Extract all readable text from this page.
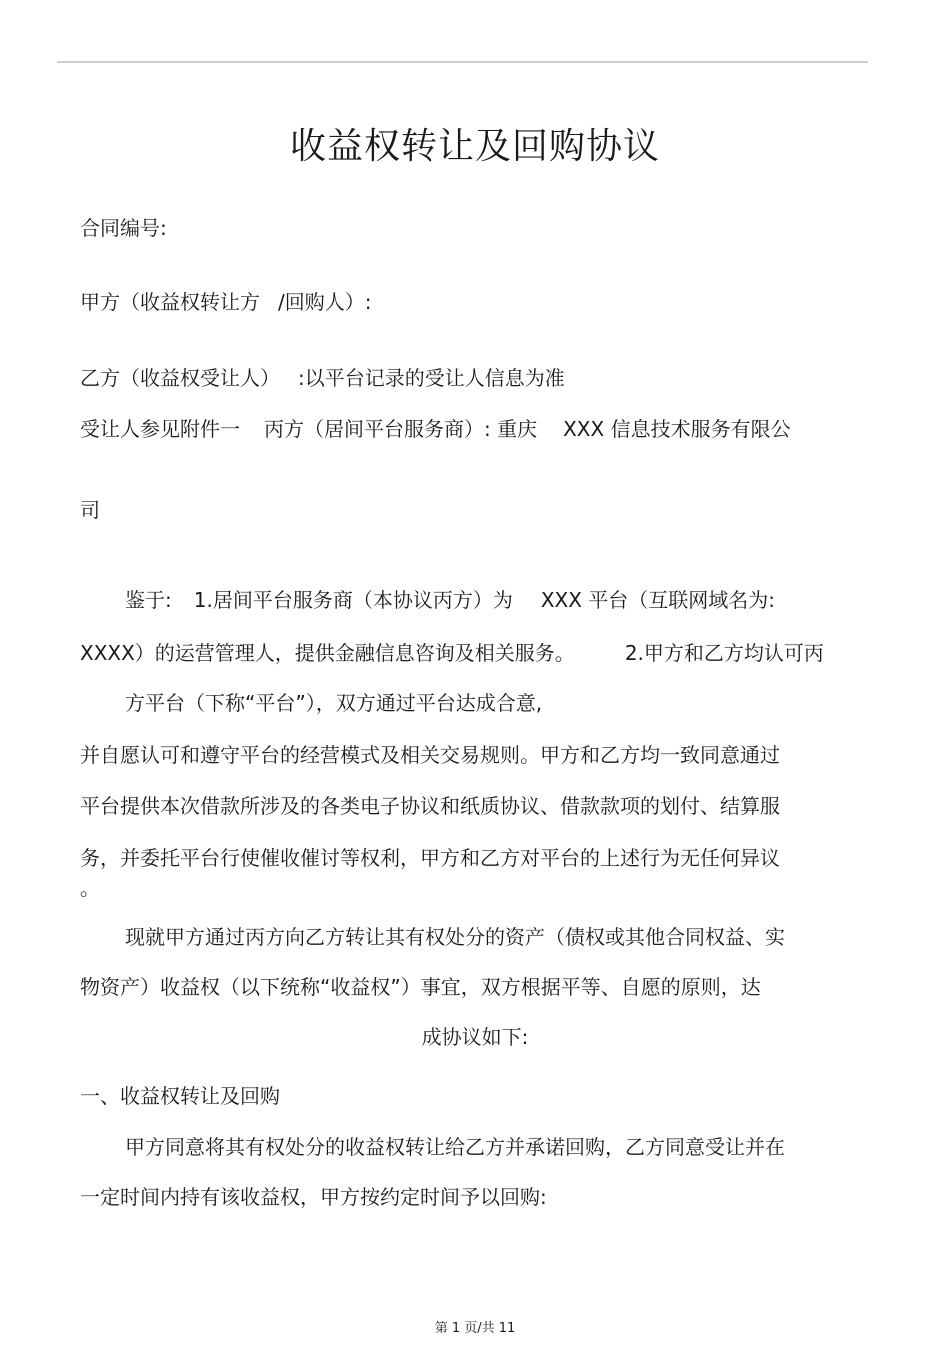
收益权转让及回购协议
合同编号:
甲方（收益权转让方 /回购人）:
乙方（收益权受让人） :以平台记录的受让人信息为准
受让人参见附件一 丙方（居间平台服务商）: 重庆 XXX 信息技术服务有限公
司
鉴于: 1.居间平台服务商（本协议丙方）为 XXX 平台（互联网域名为:
XXXX）的运营管理人，提供金融信息咨询及相关服务。	2.甲方和乙方均认可丙
方平台（下称“平台”），双方通过平台达成合意,
并自愿认可和遵守平台的经营模式及相关交易规则。甲方和乙方均一致同意通过
平台提供本次借款所涉及的各类电子协议和纸质协议、借款款项的划付、结算服
务，并委托平台行使催收催讨等权利，甲方和乙方对平台的上述行为无任何异议
。
现就甲方通过丙方向乙方转让其有权处分的资产（债权或其他合同权益、实
物资产）收益权（以下统称“收益权”）事宜，双方根据平等、自愿的原则，达
成协议如下:
一、收益权转让及回购
甲方同意将其有权处分的收益权转让给乙方并承诺回购，乙方同意受让并在
一定时间内持有该收益权，甲方按约定时间予以回购:
第 1 页/共 11
